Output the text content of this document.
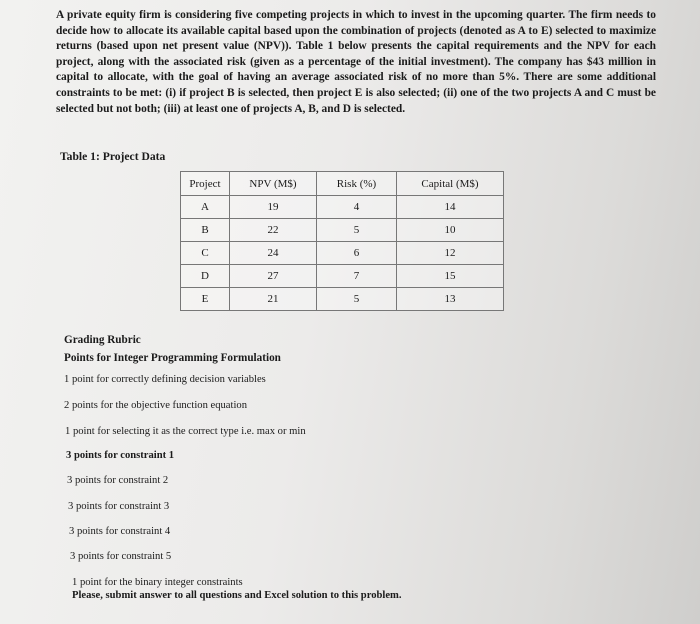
A private equity firm is considering five competing projects in which to invest in the upcoming quarter. The firm needs to decide how to allocate its available capital based upon the combination of projects (denoted as A to E) selected to maximize returns (based upon net present value (NPV)). Table 1 below presents the capital requirements and the NPV for each project, along with the associated risk (given as a percentage of the initial investment). The company has $43 million in capital to allocate, with the goal of having an average associated risk of no more than 5%. There are some additional constraints to be met: (i) if project B is selected, then project E is also selected; (ii) one of the two projects A and C must be selected but not both; (iii) at least one of projects A, B, and D is selected.
Table 1: Project Data
Project	NPV (M$)	Risk (%)	Capital (M$)
A	19	4	14
B	22	5	10
C	24	6	12
D	27	7	15
E	21	5	13
Grading Rubric
Points for Integer Programming Formulation
1 point for correctly defining decision variables
2 points for the objective function equation
1 point for selecting it as the correct type i.e. max or min
3 points for constraint 1
3 points for constraint 2
3 points for constraint 3
3 points for constraint 4
3 points for constraint 5
1 point for the binary integer constraints
Please, submit answer to all questions and Excel solution to this problem.
